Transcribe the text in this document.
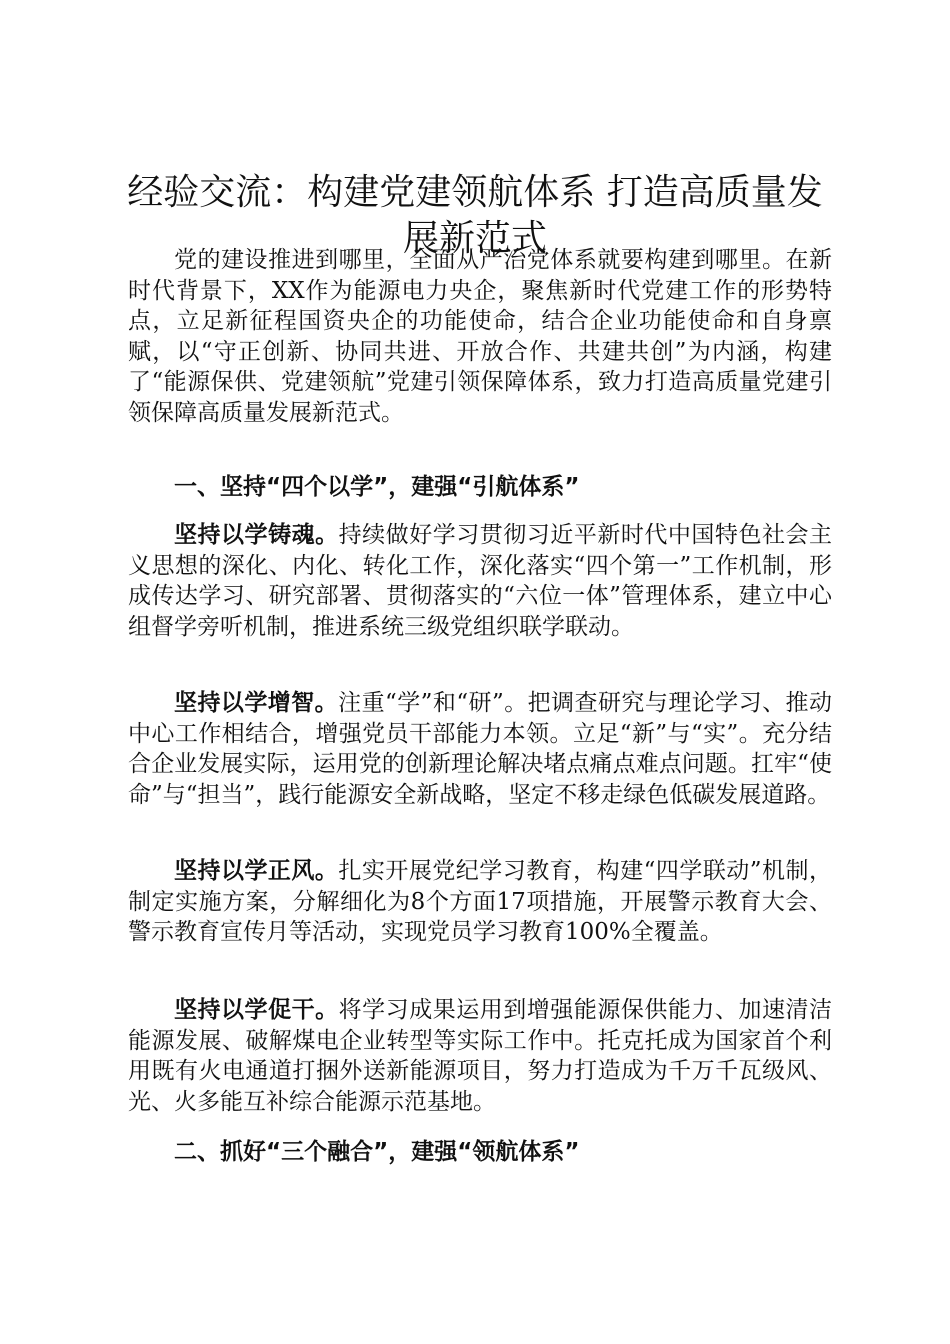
经验交流：构建党建领航体系 打造高质量发展新范式

党的建设推进到哪里，全面从严治党体系就要构建到哪里。在新时代背景下，XX作为能源电力央企，聚焦新时代党建工作的形势特点，立足新征程国资央企的功能使命，结合企业功能使命和自身禀赋，以“守正创新、协同共进、开放合作、共建共创”为内涵，构建了“能源保供、党建领航”党建引领保障体系，致力打造高质量党建引领保障高质量发展新范式。

一、坚持“四个以学”，建强“引航体系”

坚持以学铸魂。持续做好学习贯彻习近平新时代中国特色社会主义思想的深化、内化、转化工作，深化落实“四个第一”工作机制，形成传达学习、研究部署、贯彻落实的“六位一体”管理体系，建立中心组督学旁听机制，推进系统三级党组织联学联动。

坚持以学增智。注重“学”和“研”。把调查研究与理论学习、推动中心工作相结合，增强党员干部能力本领。立足“新”与“实”。充分结合企业发展实际，运用党的创新理论解决堵点痛点难点问题。扛牢“使命”与“担当”，践行能源安全新战略，坚定不移走绿色低碳发展道路。

坚持以学正风。扎实开展党纪学习教育，构建“四学联动”机制，制定实施方案，分解细化为8个方面17项措施，开展警示教育大会、警示教育宣传月等活动，实现党员学习教育100%全覆盖。

坚持以学促干。将学习成果运用到增强能源保供能力、加速清洁能源发展、破解煤电企业转型等实际工作中。托克托成为国家首个利用既有火电通道打捆外送新能源项目，努力打造成为千万千瓦级风、光、火多能互补综合能源示范基地。

二、抓好“三个融合”，建强“领航体系”
